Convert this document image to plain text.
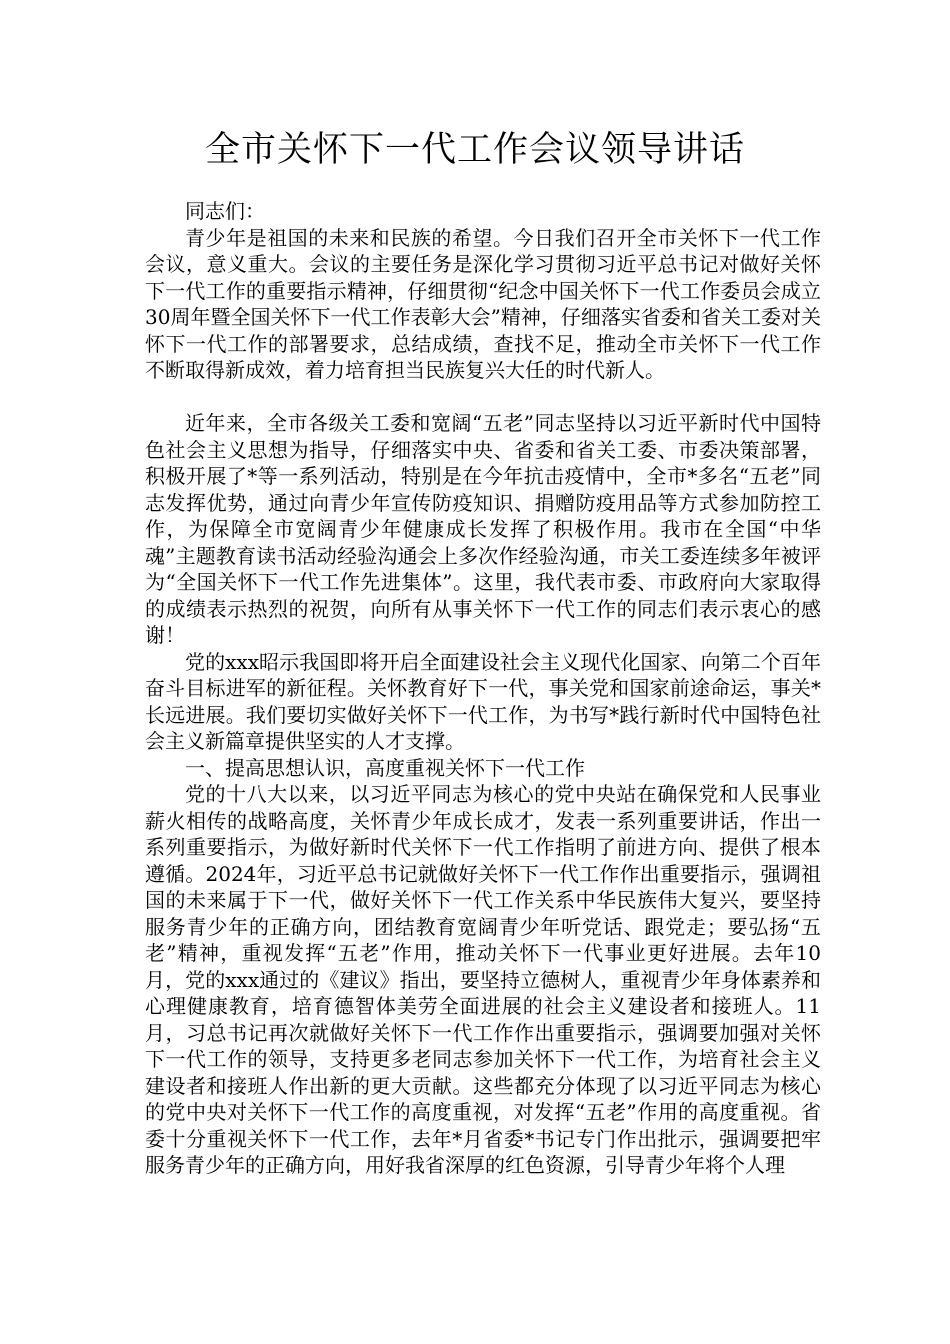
全市关怀下一代工作会议领导讲话

同志们：

青少年是祖国的未来和民族的希望。今日我们召开全市关怀下一代工作会议，意义重大。会议的主要任务是深化学习贯彻习近平总书记对做好关怀下一代工作的重要指示精神，仔细贯彻“纪念中国关怀下一代工作委员会成立30周年暨全国关怀下一代工作表彰大会”精神，仔细落实省委和省关工委对关怀下一代工作的部署要求，总结成绩，查找不足，推动全市关怀下一代工作不断取得新成效，着力培育担当民族复兴大任的时代新人。

近年来，全市各级关工委和宽阔“五老”同志坚持以习近平新时代中国特色社会主义思想为指导，仔细落实中央、省委和省关工委、市委决策部署，积极开展了*等一系列活动，特别是在今年抗击疫情中，全市*多名“五老”同志发挥优势，通过向青少年宣传防疫知识、捐赠防疫用品等方式参加防控工作，为保障全市宽阔青少年健康成长发挥了积极作用。我市在全国“中华魂”主题教育读书活动经验沟通会上多次作经验沟通，市关工委连续多年被评为“全国关怀下一代工作先进集体”。这里，我代表市委、市政府向大家取得的成绩表示热烈的祝贺，向所有从事关怀下一代工作的同志们表示衷心的感谢！

党的xxx昭示我国即将开启全面建设社会主义现代化国家、向第二个百年奋斗目标进军的新征程。关怀教育好下一代，事关党和国家前途命运，事关*长远进展。我们要切实做好关怀下一代工作，为书写*践行新时代中国特色社会主义新篇章提供坚实的人才支撑。

一、提高思想认识，高度重视关怀下一代工作

党的十八大以来，以习近平同志为核心的党中央站在确保党和人民事业薪火相传的战略高度，关怀青少年成长成才，发表一系列重要讲话，作出一系列重要指示，为做好新时代关怀下一代工作指明了前进方向、提供了根本遵循。2024年，习近平总书记就做好关怀下一代工作作出重要指示，强调祖国的未来属于下一代，做好关怀下一代工作关系中华民族伟大复兴，要坚持服务青少年的正确方向，团结教育宽阔青少年听党话、跟党走；要弘扬“五老”精神，重视发挥“五老”作用，推动关怀下一代事业更好进展。去年10月，党的xxx通过的《建议》指出，要坚持立德树人，重视青少年身体素养和心理健康教育，培育德智体美劳全面进展的社会主义建设者和接班人。11月，习总书记再次就做好关怀下一代工作作出重要指示，强调要加强对关怀下一代工作的领导，支持更多老同志参加关怀下一代工作，为培育社会主义建设者和接班人作出新的更大贡献。这些都充分体现了以习近平同志为核心的党中央对关怀下一代工作的高度重视，对发挥“五老”作用的高度重视。省委十分重视关怀下一代工作，去年*月省委*书记专门作出批示，强调要把牢服务青少年的正确方向，用好我省深厚的红色资源，引导青少年将个人理
